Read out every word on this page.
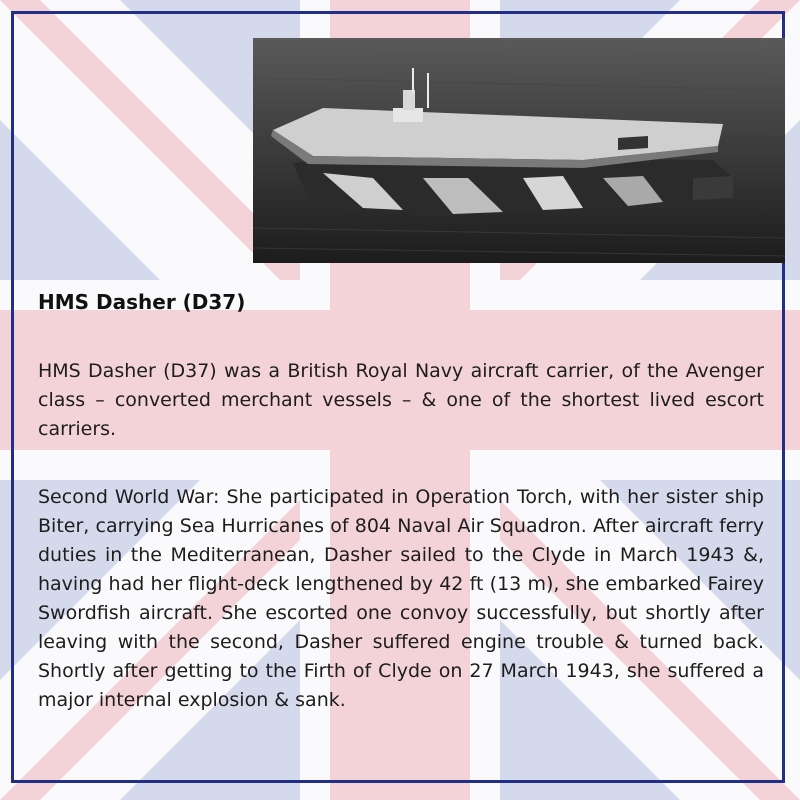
HMS Dasher (D37)

HMS Dasher (D37) was a British Royal Navy aircraft carrier, of the Avenger class – converted merchant vessels – & one of the shortest lived escort carriers.

Second World War: She participated in Operation Torch, with her sister ship Biter, carrying Sea Hurricanes of 804 Naval Air Squadron. After aircraft ferry duties in the Mediterranean, Dasher sailed to the Clyde in March 1943 &, having had her flight-deck lengthened by 42 ft (13 m), she embarked Fairey Swordfish aircraft. She escorted one convoy successfully, but shortly after leaving with the second, Dasher suffered engine trouble & turned back. Shortly after getting to the Firth of Clyde on 27 March 1943, she suffered a major internal explosion & sank.
